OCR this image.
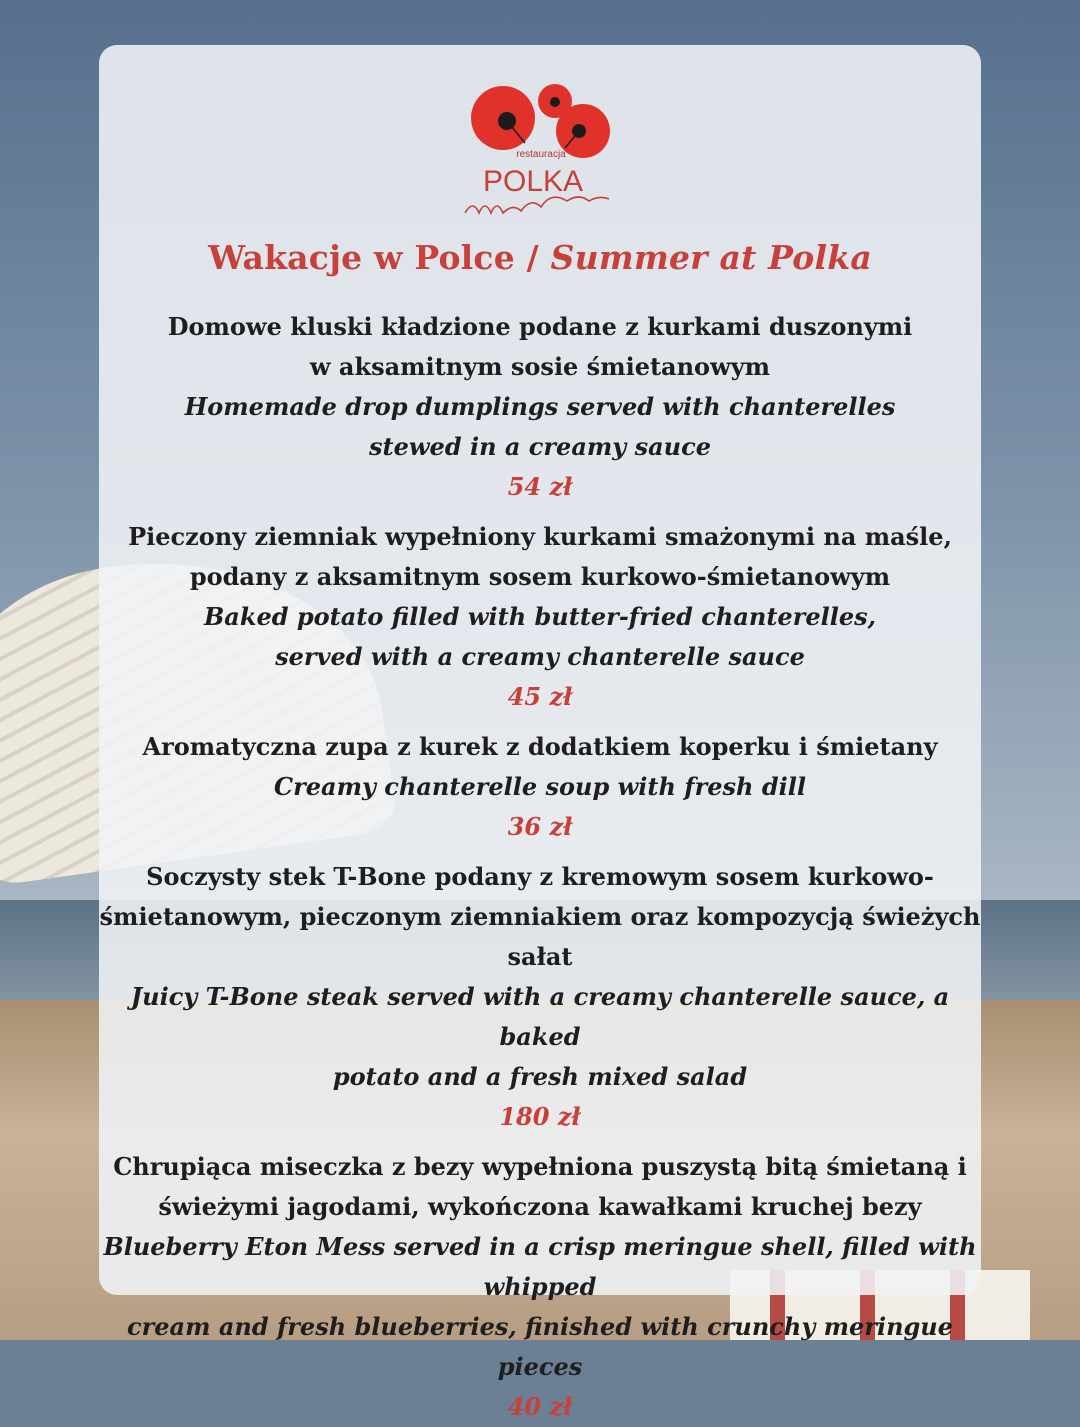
restauracja
POLKA
Wakacje w Polce / Summer at Polka
Domowe kluski kładzione podane z kurkami duszonymi
w aksamitnym sosie śmietanowym
Homemade drop dumplings served with chanterelles
stewed in a creamy sauce
54 zł
Pieczony ziemniak wypełniony kurkami smażonymi na maśle,
podany z aksamitnym sosem kurkowo-śmietanowym
Baked potato filled with butter-fried chanterelles,
served with a creamy chanterelle sauce
45 zł
Aromatyczna zupa z kurek z dodatkiem koperku i śmietany
Creamy chanterelle soup with fresh dill
36 zł
Soczysty stek T-Bone podany z kremowym sosem kurkowo-
śmietanowym, pieczonym ziemniakiem oraz kompozycją świeżych sałat
Juicy T-Bone steak served with a creamy chanterelle sauce, a baked
potato and a fresh mixed salad
180 zł
Chrupiąca miseczka z bezy wypełniona puszystą bitą śmietaną i
świeżymi jagodami, wykończona kawałkami kruchej bezy
Blueberry Eton Mess served in a crisp meringue shell, filled with whipped
cream and fresh blueberries, finished with crunchy meringue pieces
40 zł
